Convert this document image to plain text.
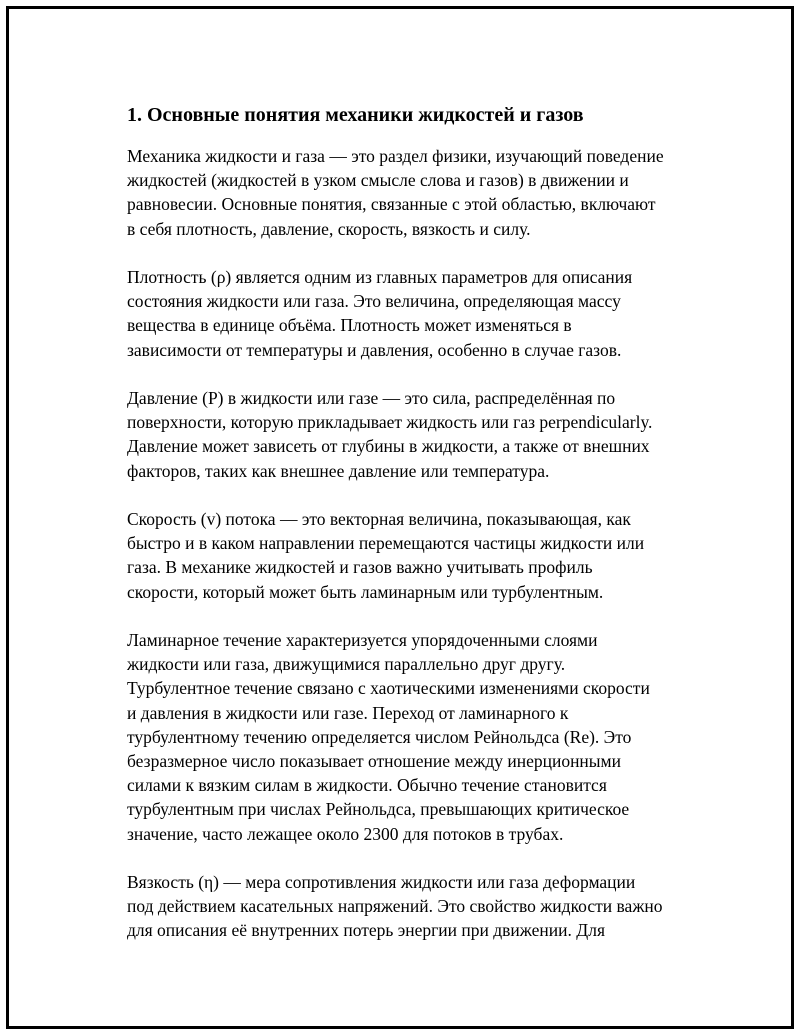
1. Основные понятия механики жидкостей и газов
Механика жидкости и газа — это раздел физики, изучающий поведение
жидкостей (жидкостей в узком смысле слова и газов) в движении и
равновесии. Основные понятия, связанные с этой областью, включают
в себя плотность, давление, скорость, вязкость и силу.
Плотность (ρ) является одним из главных параметров для описания
состояния жидкости или газа. Это величина, определяющая массу
вещества в единице объёма. Плотность может изменяться в
зависимости от температуры и давления, особенно в случае газов.
Давление (P) в жидкости или газе — это сила, распределённая по
поверхности, которую прикладывает жидкость или газ perpendicularly.
Давление может зависеть от глубины в жидкости, а также от внешних
факторов, таких как внешнее давление или температура.
Скорость (v) потока — это векторная величина, показывающая, как
быстро и в каком направлении перемещаются частицы жидкости или
газа. В механике жидкостей и газов важно учитывать профиль
скорости, который может быть ламинарным или турбулентным.
Ламинарное течение характеризуется упорядоченными слоями
жидкости или газа, движущимися параллельно друг другу.
Турбулентное течение связано с хаотическими изменениями скорости
и давления в жидкости или газе. Переход от ламинарного к
турбулентному течению определяется числом Рейнольдса (Re). Это
безразмерное число показывает отношение между инерционными
силами к вязким силам в жидкости. Обычно течение становится
турбулентным при числах Рейнольдса, превышающих критическое
значение, часто лежащее около 2300 для потоков в трубах.
Вязкость (η) — мера сопротивления жидкости или газа деформации
под действием касательных напряжений. Это свойство жидкости важно
для описания её внутренних потерь энергии при движении. Для
